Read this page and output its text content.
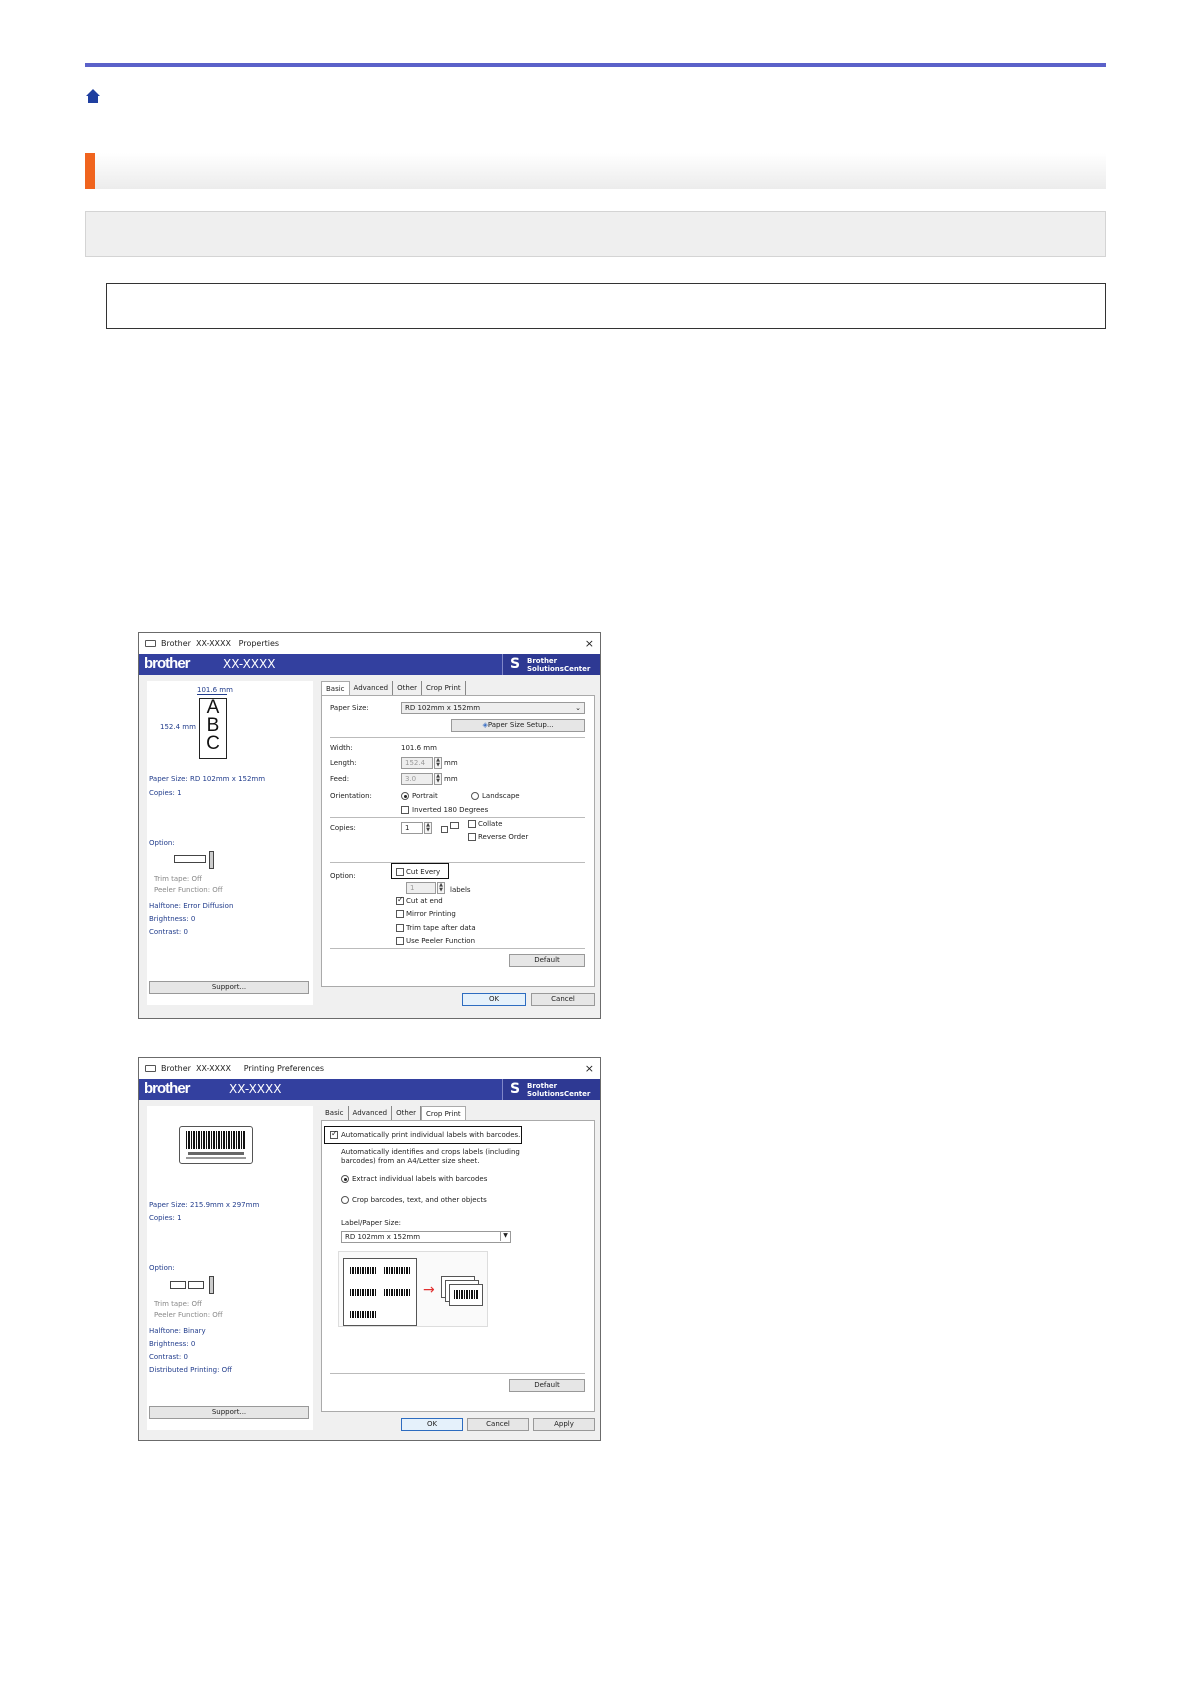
Brother XX-XXXX Properties	×
brother	XX-XXXX	S Brother
SolutionsCenter
101.6 mm
152.4 mm
A
B
C
Paper Size: RD 102mm x 152mm
Copies: 1
Option:
Trim tape: Off
Peeler Function: Off
Halftone: Error Diffusion
Brightness: 0
Contrast: 0
Support...
Basic	Advanced	Other	Crop Print
Paper Size:	RD 102mm x 152mm	⌄
◈Paper Size Setup...
Width:	101.6 mm
Length:	152.4	▲
▼ mm
Feed:	3.0	▲
▼ mm
Orientation:	Portrait	Landscape
Inverted 180 Degrees
Copies:	1	▲
▼
Collate
Reverse Order
Option:	Cut Every
1	▲
▼ labels
✓
Cut at end
Mirror Printing
Trim tape after data
Use Peeler Function
Default
OK	Cancel
Brother XX-XXXX Printing Preferences	×
brother	XX-XXXX	S Brother
SolutionsCenter
Paper Size: 215.9mm x 297mm
Copies: 1
Option:
Trim tape: Off
Peeler Function: Off
Halftone: Binary
Brightness: 0
Contrast: 0
Distributed Printing: Off
Support...
Basic	Advanced	Other	Crop Print
✓
Automatically print individual labels with barcodes.
Automatically identifies and crops labels (including barcodes) from an A4/Letter size sheet.
Extract individual labels with barcodes
Crop barcodes, text, and other objects
Label/Paper Size:
RD 102mm x 152mm	▼
→
Default
OK	Cancel	Apply
